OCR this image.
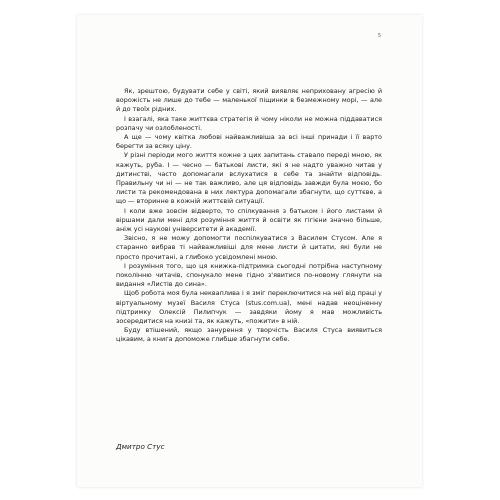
5

Як, зрештою, будувати себе у світі, який виявляє неприховану агресію й ворожість не лише до тебе — маленької піщинки в безмежному морі, — але й до твоїх рідних.

І взагалі, яка таке життєва стратегія й чому ніколи не можна піддаватися розпачу чи озлобленості.

А ще — чому квітка любові найважливіша за всі інші принади і її варто берегти за всяку ціну.

У різні періоди мого життя кожне з цих запитань ставало переді мною, як кажуть, руба. І — чесно — батькові листи, які я не надто уважно читав у дитинстві, часто допомагали вслухатися в себе та знайти відповідь. Правильну чи ні — не так важливо, але ця відповідь завжди була моєю, бо листи та рекомендована в них лектура допомагали збагнути, що суттєве, а що — вторинне в кожній життєвій ситуації.

І коли вже зовсім відверто, то спілкування з батьком і його листами й віршами дали мені для розуміння життя й освіти як гігієни значно більше, аніж усі наукові університети й академії.

Звісно, я не можу допомогти поспілкуватися з Василем Стусом. Але я старанно вибрав ті найважливіші для мене листи й цитати, які були не просто прочитані, а глибоко усвідомлені мною.

І розуміння того, що ця книжка-підтримка сьогодні потрібна наступному поколінню читачів, спонукало мене гідно з'явитися по-новому глянути на видання «Листів до сина».

Щоб робота моя була некваплива і я зміг переключитися на неї від праці у віртуальному музеї Василя Стуса (stus.com.ua), мені надав неоціненну підтримку Олексій Пилипчук — завдяки йому я мав можливість зосередитися на книзі та, як кажуть, «пожити» в ній.

Буду втішений, якщо занурення у творчість Василя Стуса виявиться цікавим, а книга допоможе глибше збагнути себе.

Дмитро Стус
